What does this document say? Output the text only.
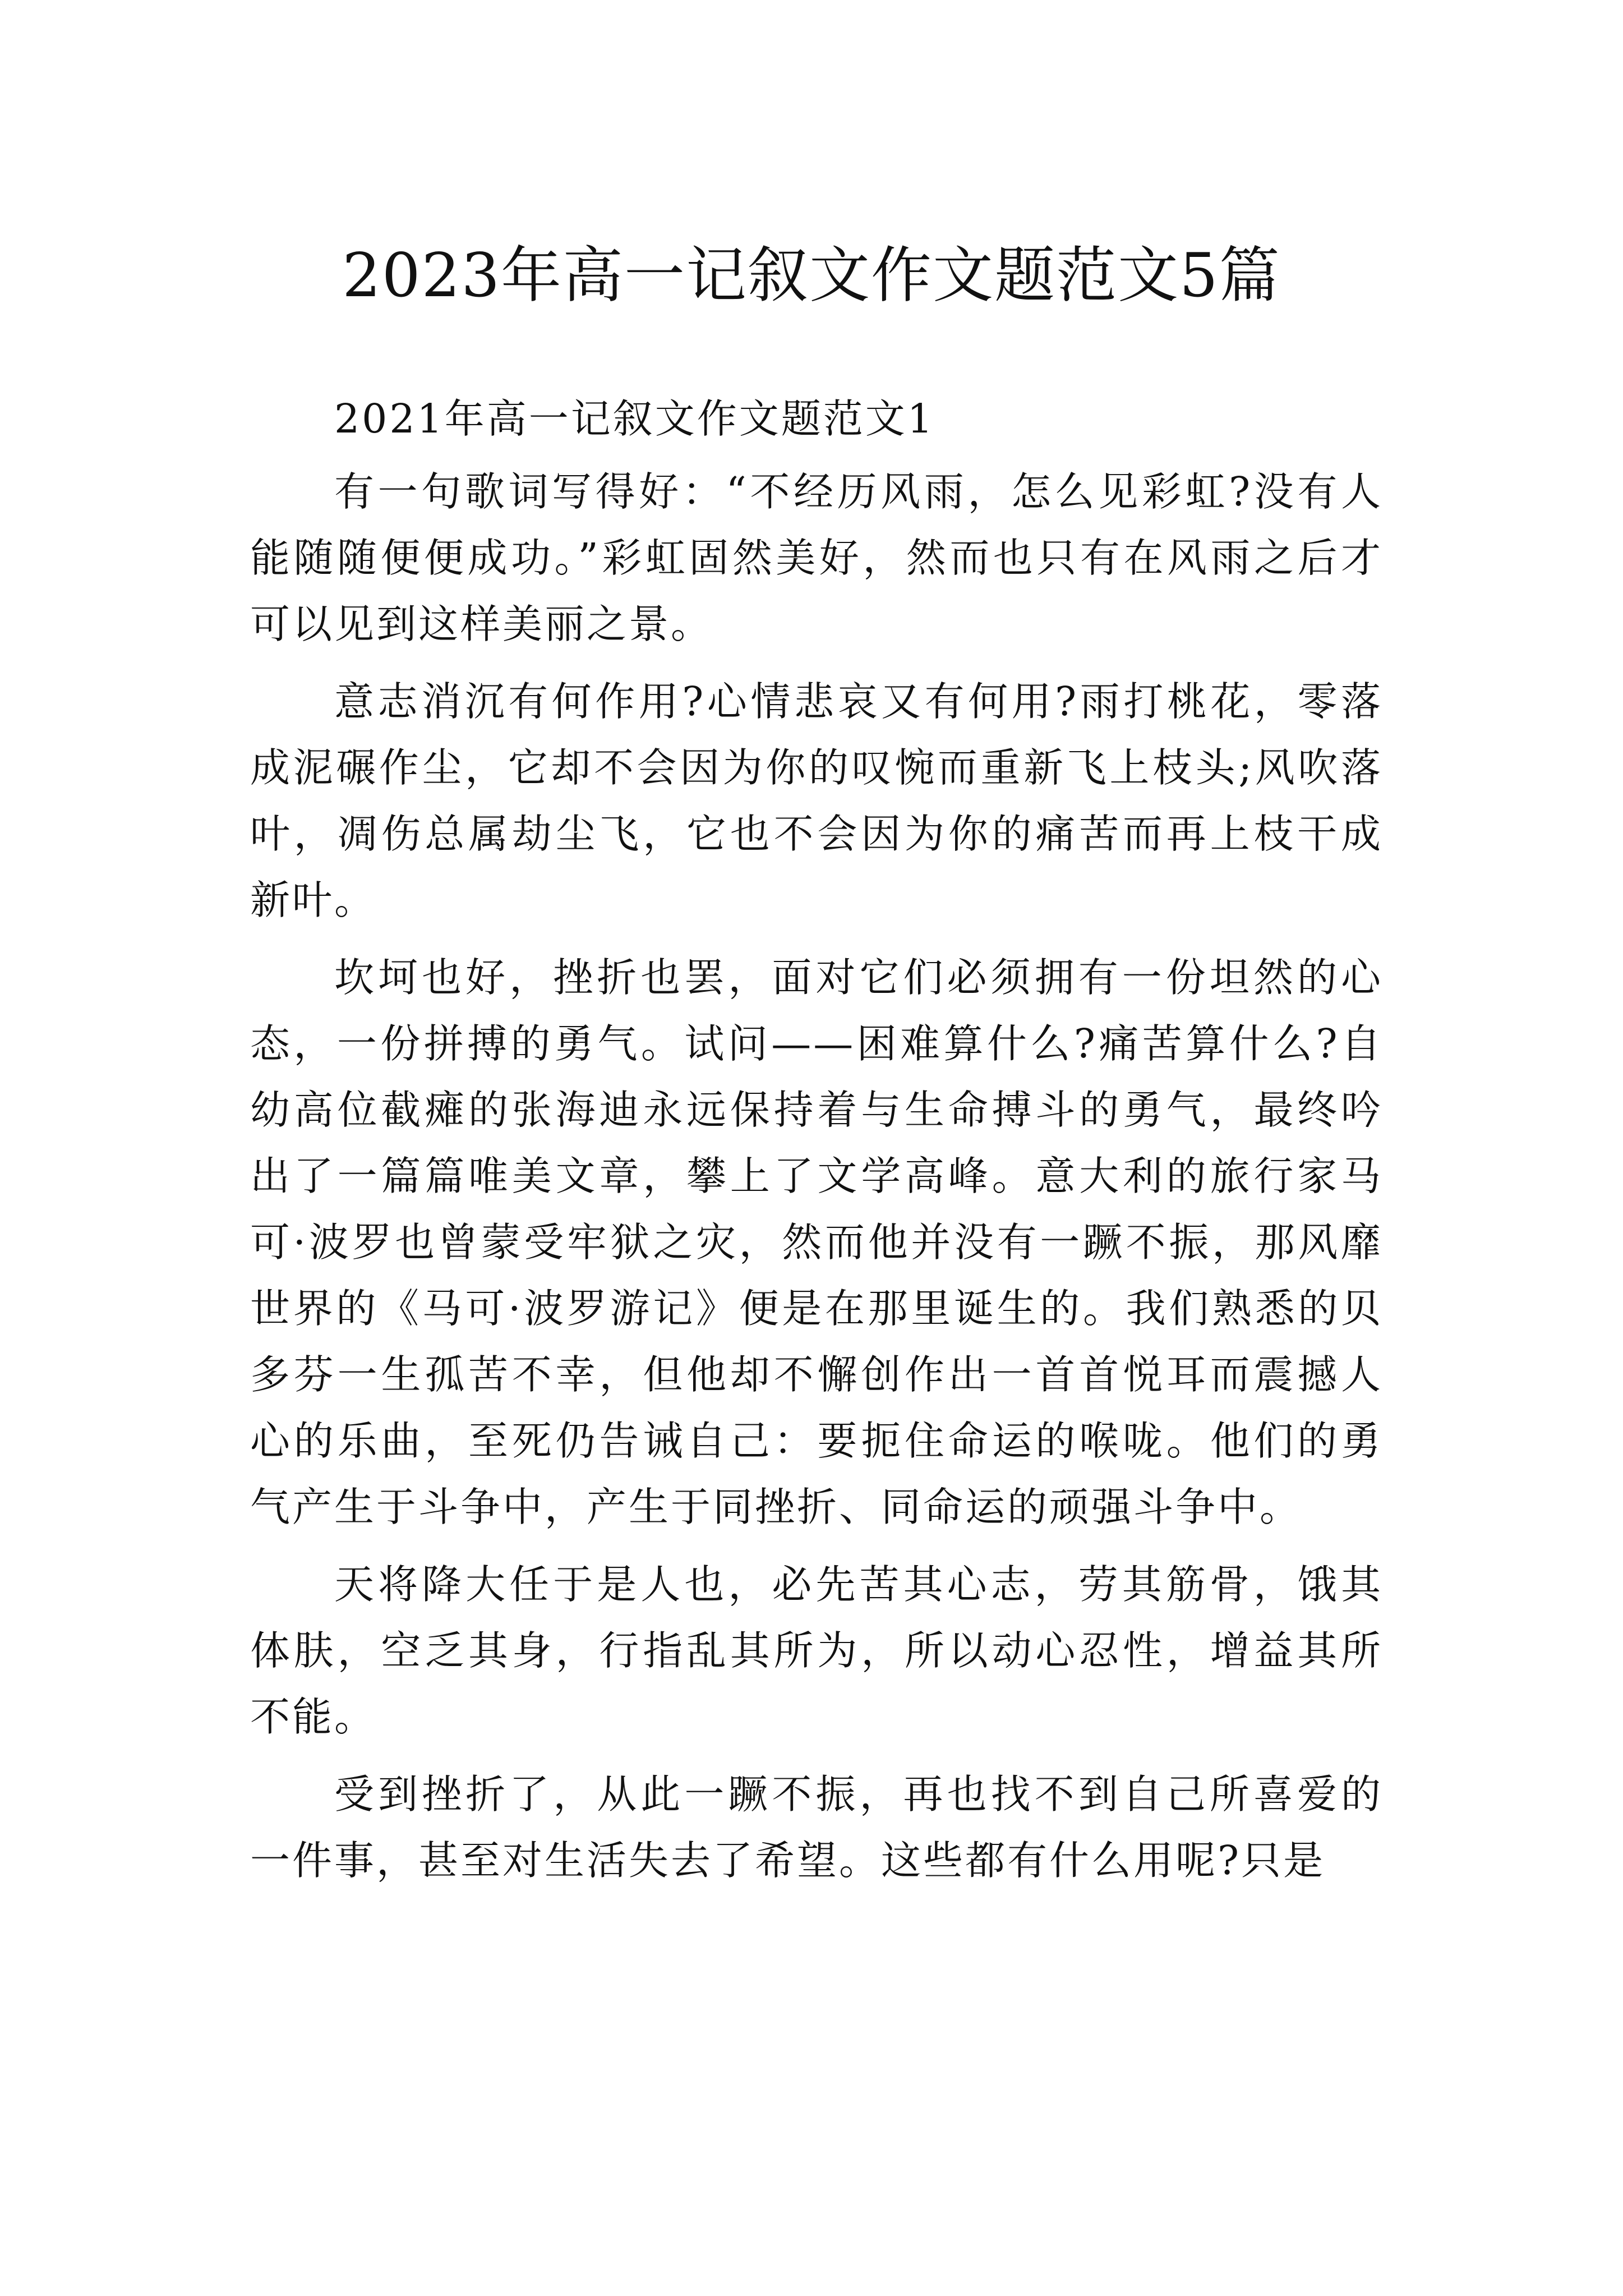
2023年高一记叙文作文题范文5篇

2021年高一记叙文作文题范文1

有一句歌词写得好：“不经历风雨，怎么见彩虹?没有人能随随便便成功。”彩虹固然美好，然而也只有在风雨之后才可以见到这样美丽之景。

意志消沉有何作用?心情悲哀又有何用?雨打桃花，零落成泥碾作尘，它却不会因为你的叹惋而重新飞上枝头;风吹落叶，凋伤总属劫尘飞，它也不会因为你的痛苦而再上枝干成新叶。

坎坷也好，挫折也罢，面对它们必须拥有一份坦然的心态，一份拼搏的勇气。试问——困难算什么?痛苦算什么?自幼高位截瘫的张海迪永远保持着与生命搏斗的勇气，最终吟出了一篇篇唯美文章，攀上了文学高峰。意大利的旅行家马可·波罗也曾蒙受牢狱之灾，然而他并没有一蹶不振，那风靡世界的《马可·波罗游记》便是在那里诞生的。我们熟悉的贝多芬一生孤苦不幸，但他却不懈创作出一首首悦耳而震撼人心的乐曲，至死仍告诫自己：要扼住命运的喉咙。他们的勇气产生于斗争中，产生于同挫折、同命运的顽强斗争中。

天将降大任于是人也，必先苦其心志，劳其筋骨，饿其体肤，空乏其身，行指乱其所为，所以动心忍性，增益其所不能。

受到挫折了，从此一蹶不振，再也找不到自己所喜爱的一件事，甚至对生活失去了希望。这些都有什么用呢?只是
